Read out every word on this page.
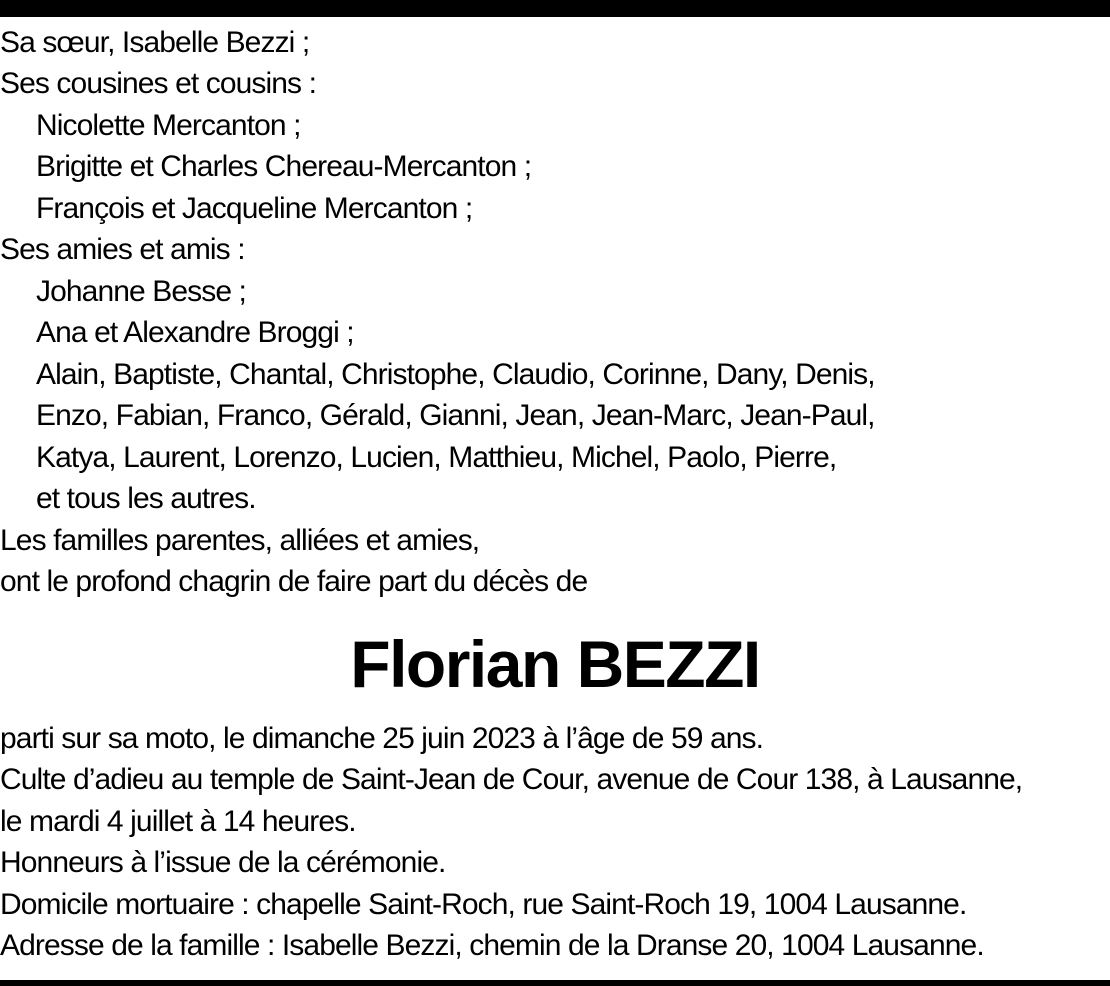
Sa sœur, Isabelle Bezzi ;
Ses cousines et cousins :
Nicolette Mercanton ;
Brigitte et Charles Chereau-Mercanton ;
François et Jacqueline Mercanton ;
Ses amies et amis :
Johanne Besse ;
Ana et Alexandre Broggi ;
Alain, Baptiste, Chantal, Christophe, Claudio, Corinne, Dany, Denis,
Enzo, Fabian, Franco, Gérald, Gianni, Jean, Jean-Marc, Jean-Paul,
Katya, Laurent, Lorenzo, Lucien, Matthieu, Michel, Paolo, Pierre,
et tous les autres.
Les familles parentes, alliées et amies,
ont le profond chagrin de faire part du décès de
Florian BEZZI
parti sur sa moto, le dimanche 25 juin 2023 à l’âge de 59 ans.
Culte d’adieu au temple de Saint-Jean de Cour, avenue de Cour 138, à Lausanne,
le mardi 4 juillet à 14 heures.
Honneurs à l’issue de la cérémonie.
Domicile mortuaire : chapelle Saint-Roch, rue Saint-Roch 19, 1004 Lausanne.
Adresse de la famille : Isabelle Bezzi, chemin de la Dranse 20, 1004 Lausanne.
